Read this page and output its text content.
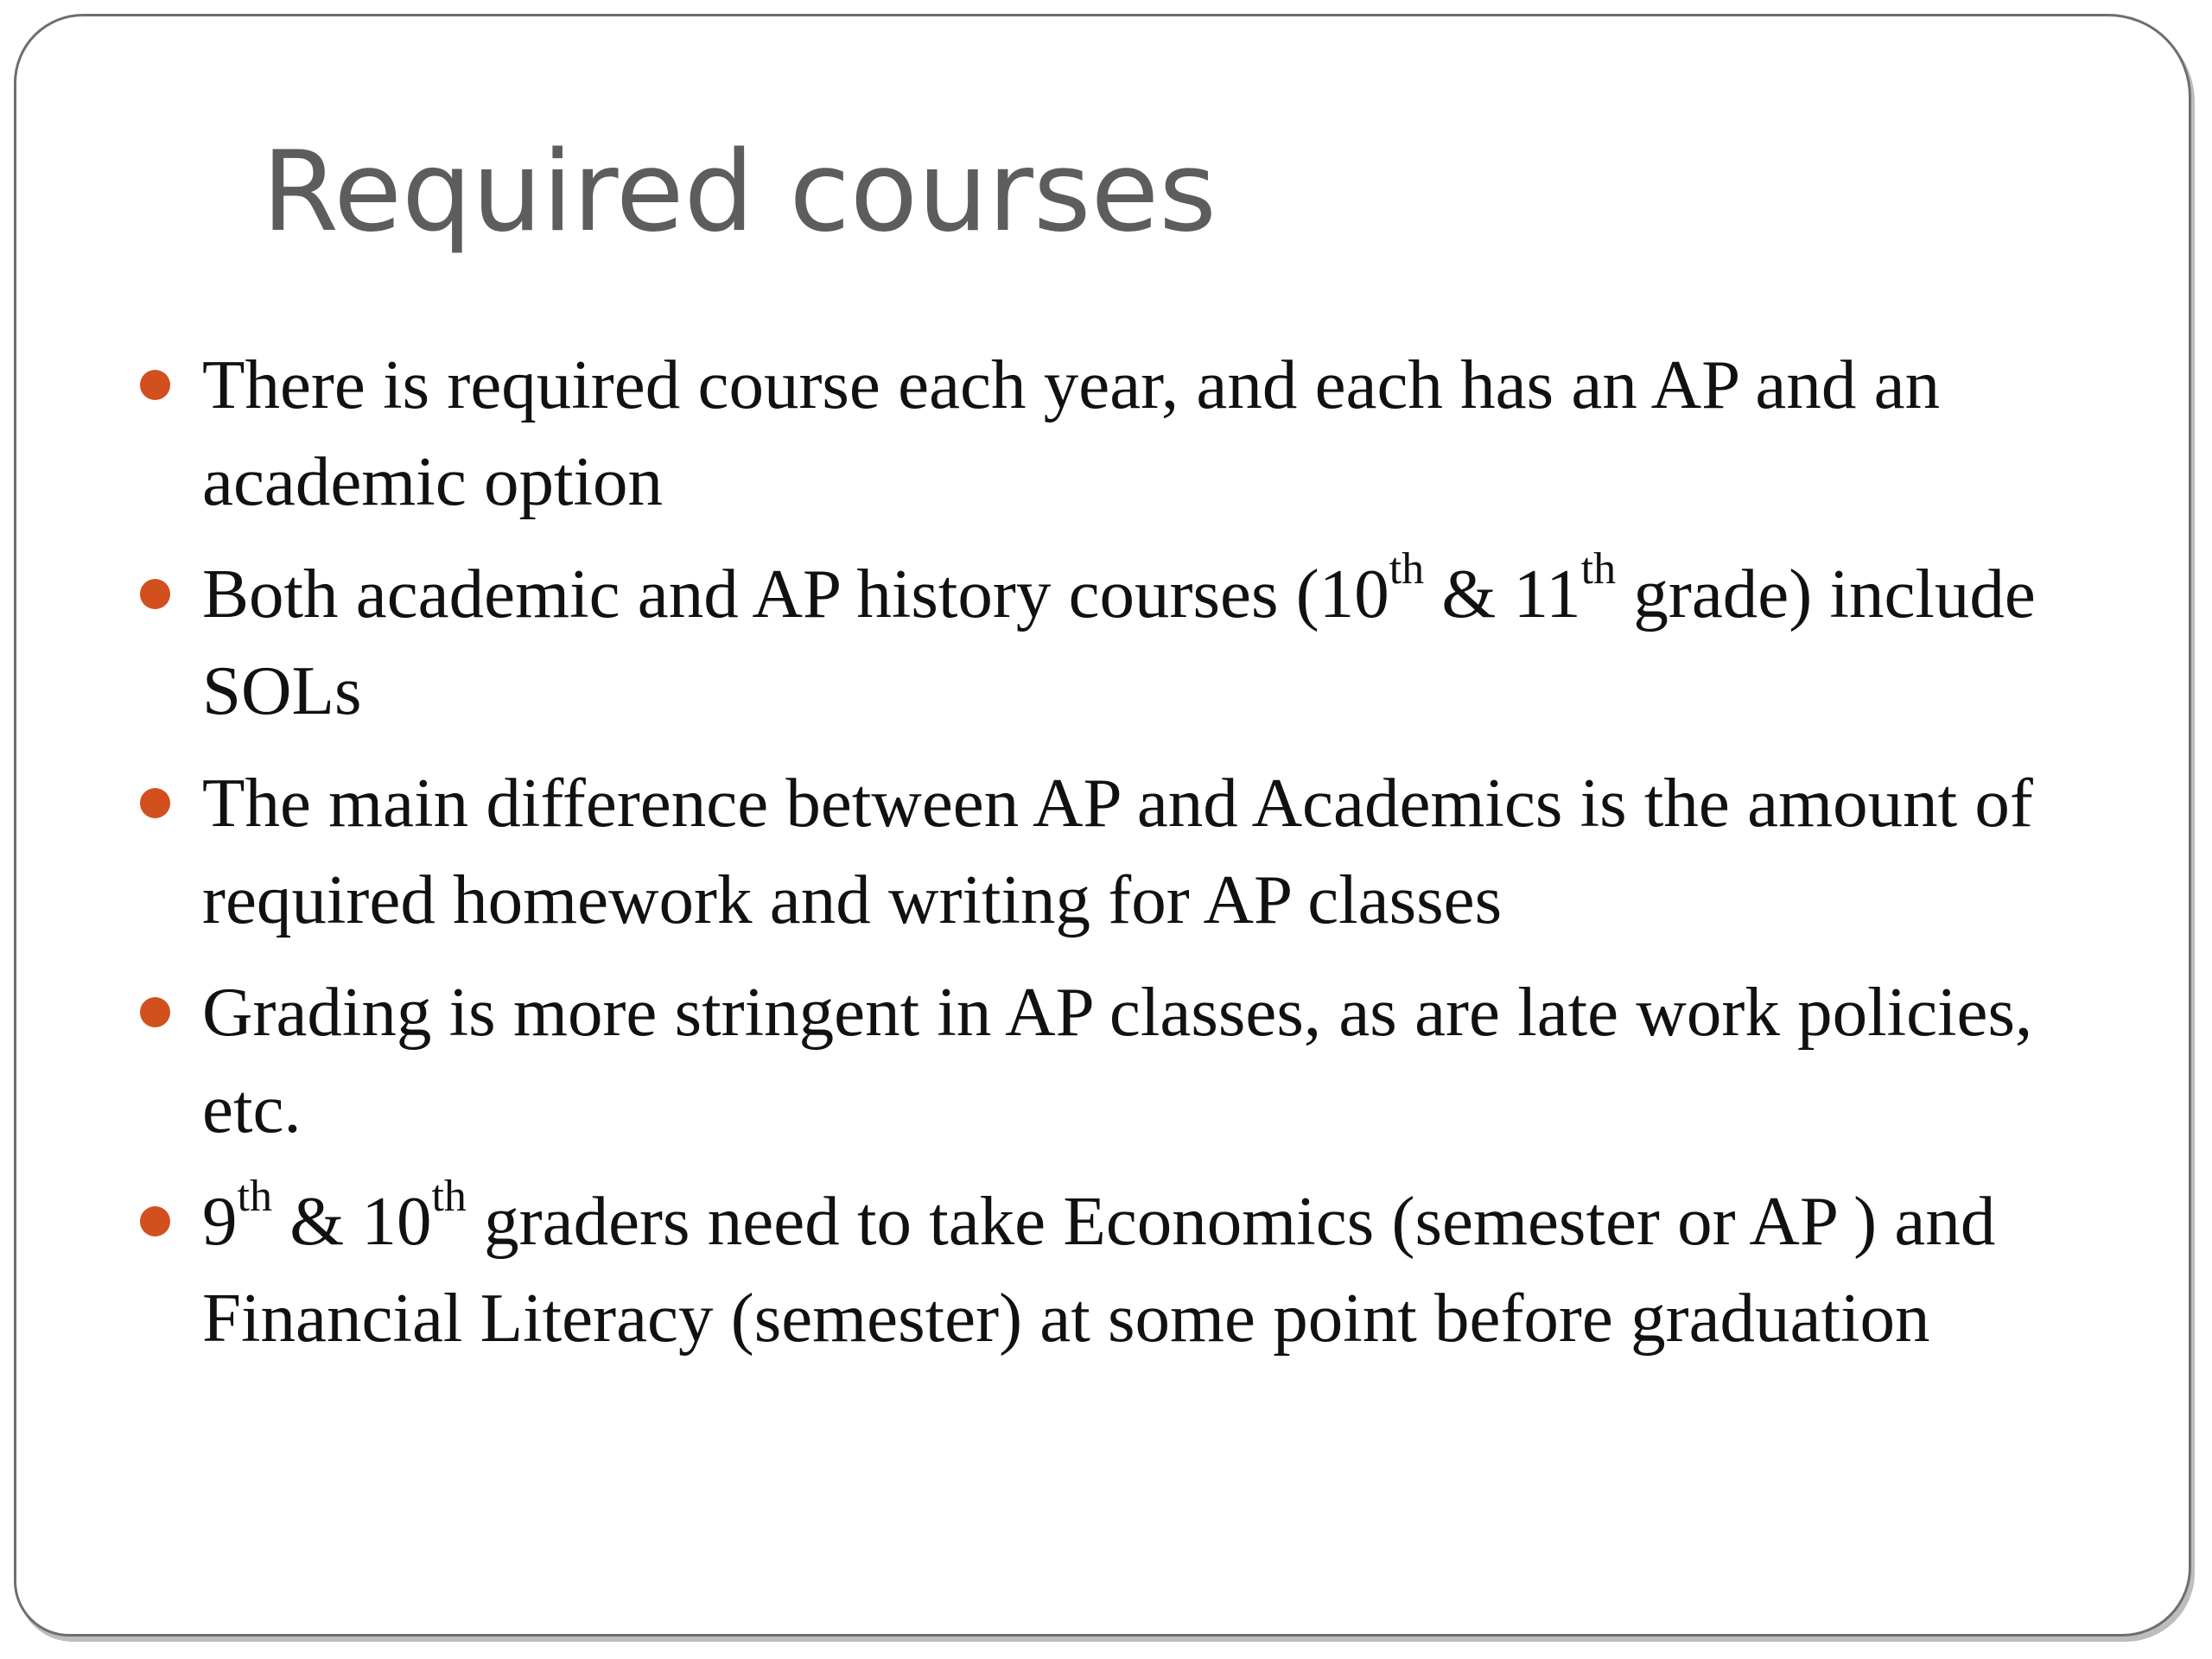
Required courses
There is required course each year, and each has an AP and an academic option
Both academic and AP history courses (10th & 11th grade) include SOLs
The main difference between AP and Academics is the amount of required homework and writing for AP classes
Grading is more stringent in AP classes, as are late work policies, etc.
9th & 10th graders need to take Economics (semester or AP ) and Financial Literacy (semester) at some point before graduation
